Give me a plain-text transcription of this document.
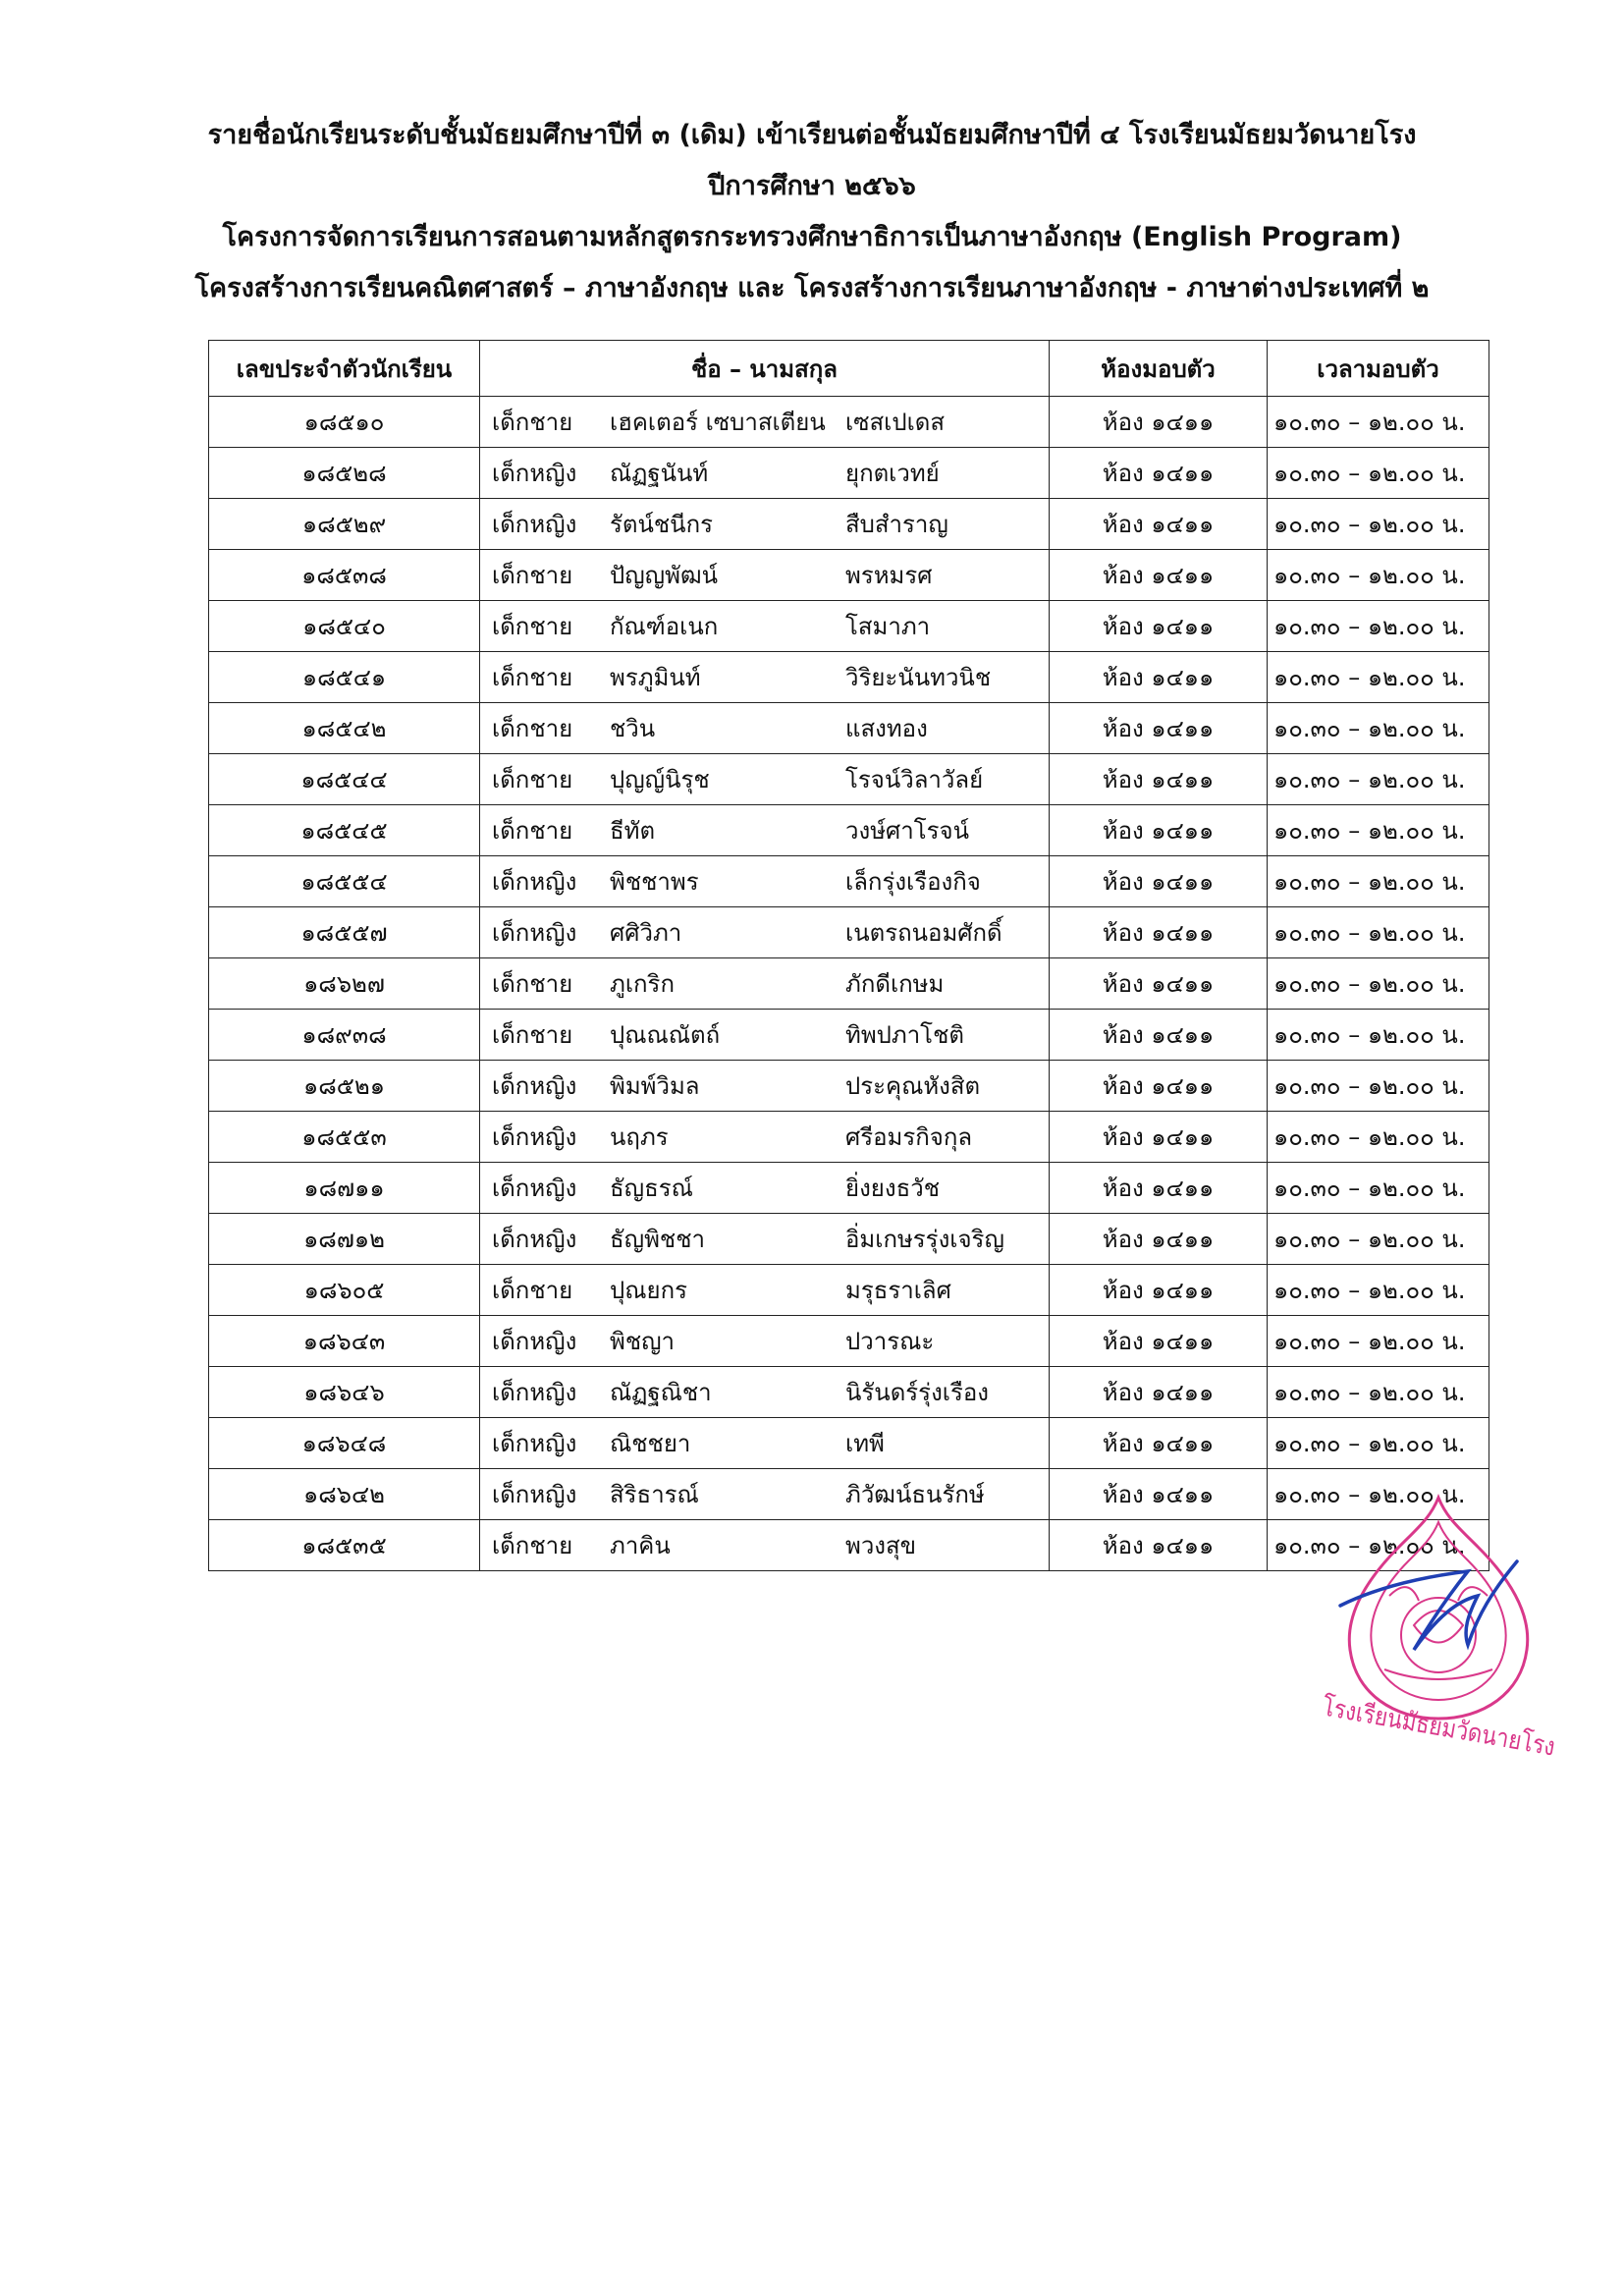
รายชื่อนักเรียนระดับชั้นมัธยมศึกษาปีที่ ๓ (เดิม) เข้าเรียนต่อชั้นมัธยมศึกษาปีที่ ๔ โรงเรียนมัธยมวัดนายโรง
ปีการศึกษา ๒๕๖๖
โครงการจัดการเรียนการสอนตามหลักสูตรกระทรวงศึกษาธิการเป็นภาษาอังกฤษ (English Program)
โครงสร้างการเรียนคณิตศาสตร์ – ภาษาอังกฤษ และ โครงสร้างการเรียนภาษาอังกฤษ - ภาษาต่างประเทศที่ ๒
เลขประจำตัวนักเรียน	ชื่อ – นามสกุล	ห้องมอบตัว	เวลามอบตัว
๑๘๕๑๐	เด็กชาย เฮคเตอร์ เซบาสเตียน เซสเปเดส	ห้อง ๑๔๑๑	๑๐.๓๐ – ๑๒.๐๐ น.
๑๘๕๒๘	เด็กหญิง ณัฏฐนันท์ ยุกตเวทย์	ห้อง ๑๔๑๑	๑๐.๓๐ – ๑๒.๐๐ น.
๑๘๕๒๙	เด็กหญิง รัตน์ชนีกร สืบสำราญ	ห้อง ๑๔๑๑	๑๐.๓๐ – ๑๒.๐๐ น.
๑๘๕๓๘	เด็กชาย ปัญญพัฒน์ พรหมรศ	ห้อง ๑๔๑๑	๑๐.๓๐ – ๑๒.๐๐ น.
๑๘๕๔๐	เด็กชาย กัณฑ์อเนก โสมาภา	ห้อง ๑๔๑๑	๑๐.๓๐ – ๑๒.๐๐ น.
๑๘๕๔๑	เด็กชาย พรภูมินท์ วิริยะนันทวนิช	ห้อง ๑๔๑๑	๑๐.๓๐ – ๑๒.๐๐ น.
๑๘๕๔๒	เด็กชาย ชวิน แสงทอง	ห้อง ๑๔๑๑	๑๐.๓๐ – ๑๒.๐๐ น.
๑๘๕๔๔	เด็กชาย ปุญญ์นิรุช โรจน์วิลาวัลย์	ห้อง ๑๔๑๑	๑๐.๓๐ – ๑๒.๐๐ น.
๑๘๕๔๕	เด็กชาย ธีทัต วงษ์ศาโรจน์	ห้อง ๑๔๑๑	๑๐.๓๐ – ๑๒.๐๐ น.
๑๘๕๕๔	เด็กหญิง พิชชาพร เล็กรุ่งเรืองกิจ	ห้อง ๑๔๑๑	๑๐.๓๐ – ๑๒.๐๐ น.
๑๘๕๕๗	เด็กหญิง ศศิวิภา เนตรถนอมศักดิ์	ห้อง ๑๔๑๑	๑๐.๓๐ – ๑๒.๐๐ น.
๑๘๖๒๗	เด็กชาย ภูเกริก ภักดีเกษม	ห้อง ๑๔๑๑	๑๐.๓๐ – ๑๒.๐๐ น.
๑๘๙๓๘	เด็กชาย ปุณณณัตถ์ ทิพปภาโชติ	ห้อง ๑๔๑๑	๑๐.๓๐ – ๑๒.๐๐ น.
๑๘๕๒๑	เด็กหญิง พิมพ์วิมล ประคุณหังสิต	ห้อง ๑๔๑๑	๑๐.๓๐ – ๑๒.๐๐ น.
๑๘๕๕๓	เด็กหญิง นฤภร ศรีอมรกิจกุล	ห้อง ๑๔๑๑	๑๐.๓๐ – ๑๒.๐๐ น.
๑๘๗๑๑	เด็กหญิง ธัญธรณ์ ยิ่งยงธวัช	ห้อง ๑๔๑๑	๑๐.๓๐ – ๑๒.๐๐ น.
๑๘๗๑๒	เด็กหญิง ธัญพิชชา อิ่มเกษรรุ่งเจริญ	ห้อง ๑๔๑๑	๑๐.๓๐ – ๑๒.๐๐ น.
๑๘๖๐๕	เด็กชาย ปุณยกร มรุธราเลิศ	ห้อง ๑๔๑๑	๑๐.๓๐ – ๑๒.๐๐ น.
๑๘๖๔๓	เด็กหญิง พิชญา ปวารณะ	ห้อง ๑๔๑๑	๑๐.๓๐ – ๑๒.๐๐ น.
๑๘๖๔๖	เด็กหญิง ณัฏฐณิชา นิรันดร์รุ่งเรือง	ห้อง ๑๔๑๑	๑๐.๓๐ – ๑๒.๐๐ น.
๑๘๖๔๘	เด็กหญิง ณิชชยา เทพี	ห้อง ๑๔๑๑	๑๐.๓๐ – ๑๒.๐๐ น.
๑๘๖๔๒	เด็กหญิง สิริธารณ์ ภิวัฒน์ธนรักษ์	ห้อง ๑๔๑๑	๑๐.๓๐ – ๑๒.๐๐ น.
๑๘๕๓๕	เด็กชาย ภาคิน พวงสุข	ห้อง ๑๔๑๑	๑๐.๓๐ – ๑๒.๐๐ น.
โรงเรียนมัธยมวัดนายโรง
